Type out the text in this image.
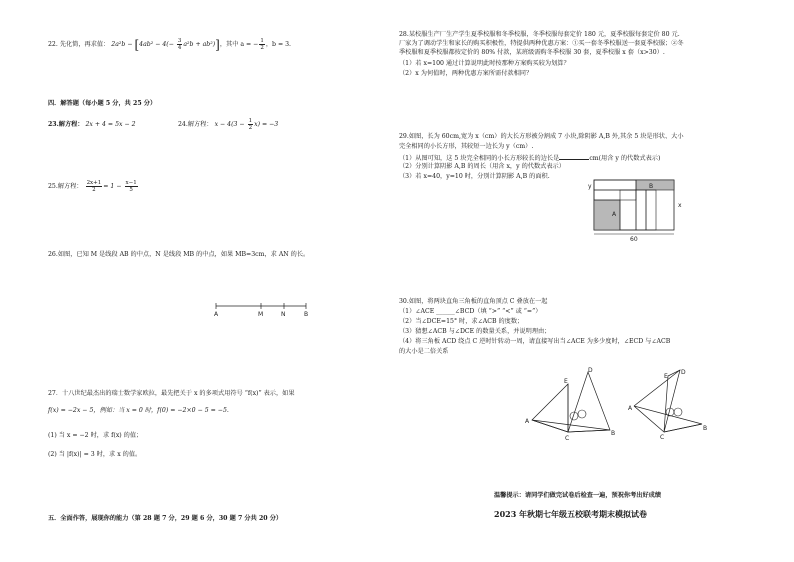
22. 先化简，再求值： $2a^2b - [4ab^2 - 4(- \frac{3}{4} a^2b + ab^2)]$，其中 a = − $\frac{1}{2}$ ，b = 3.
四．解答题（每小题 5 分，共 25 分）
23.解方程： 2x + 4 = 5x − 2	24.解方程： $x - 4(3 - \frac{1}{2} x) = -3$
25.解方程： $\frac{2x+1}{2} = 1 - \frac{x-1}{5}$
26.如图，已知 M 是线段 AB 的中点，N 是线段 MB 的中点，如果 MB=3cm，求 AN 的长。
A	M	N	B
27．十八世纪最杰出的瑞士数学家欧拉，最先把关于 x 的多项式用符号 “f(x)” 表示，如果
f(x) = −2x − 5，例如：当 x = 0 时，f(0) = −2×0 − 5 = −5.
(1) 当 x = −2 时，求 f(x) 的值；
(2) 当 |f(x)| = 3 时，求 x 的值。
五．全面作答，展现你的能力（第 28 题 7 分，29 题 6 分，30 题 7 分共 20 分）
28.某校服生产厂生产学生夏季校服和冬季校服，冬季校服每套定价 180 元，夏季校服每套定价 80 元.
厂家为了调动学生和家长的购买积极性，特提供两种优惠方案：①买一套冬季校服送一套夏季校服；②冬
季校服和夏季校服都按定价的 80% 付款，某班级需购冬季校服 30 套，夏季校服 x 套（x>30）.
（1）若 x=100 通过计算说明此时按那种方案购买较为划算？
（2）x 为何值时，两种优惠方案所需付款相同？
29.如图，长为 60cm,宽为 x（cm）的大长方形被分割成 7 小块,除阴影 A,B 外,其余 5 块是形状、大小
完全相同的小长方形，其较短一边长为 y（cm）.
（1）从图可知，这 5 块完全相同的小长方形较长的边长是	cm(用含 y 的代数式表示)
（2）分别计算阴影 A,B 的周长（用含 x，y 的代数式表示）
（3）若 x=40，y=10 时，分别计算阴影 A,B 的面积.
A
B
x
y
60
30.如图，将两块直角三角板的直角顶点 C 叠放在一起
（1）∠ACE ______∠BCD（填 “>” “<” 或 “=”）
（2）当∠DCE=15° 时，求∠ACB 的度数；
（3）猜想∠ACB 与∠DCE 的数量关系，并说明理由；
（4）将三角板 ACD 绕点 C 逆时针转动一周，请直接写出当∠ACE 为多少度时，∠ECD 与∠ACB
的大小是二倍关系
E
D
A
C
B
E
D
A
C
B
温馨提示：请同学们做完试卷后检查一遍，预祝你考出好成绩
2023 年秋期七年级五校联考期末模拟试卷
